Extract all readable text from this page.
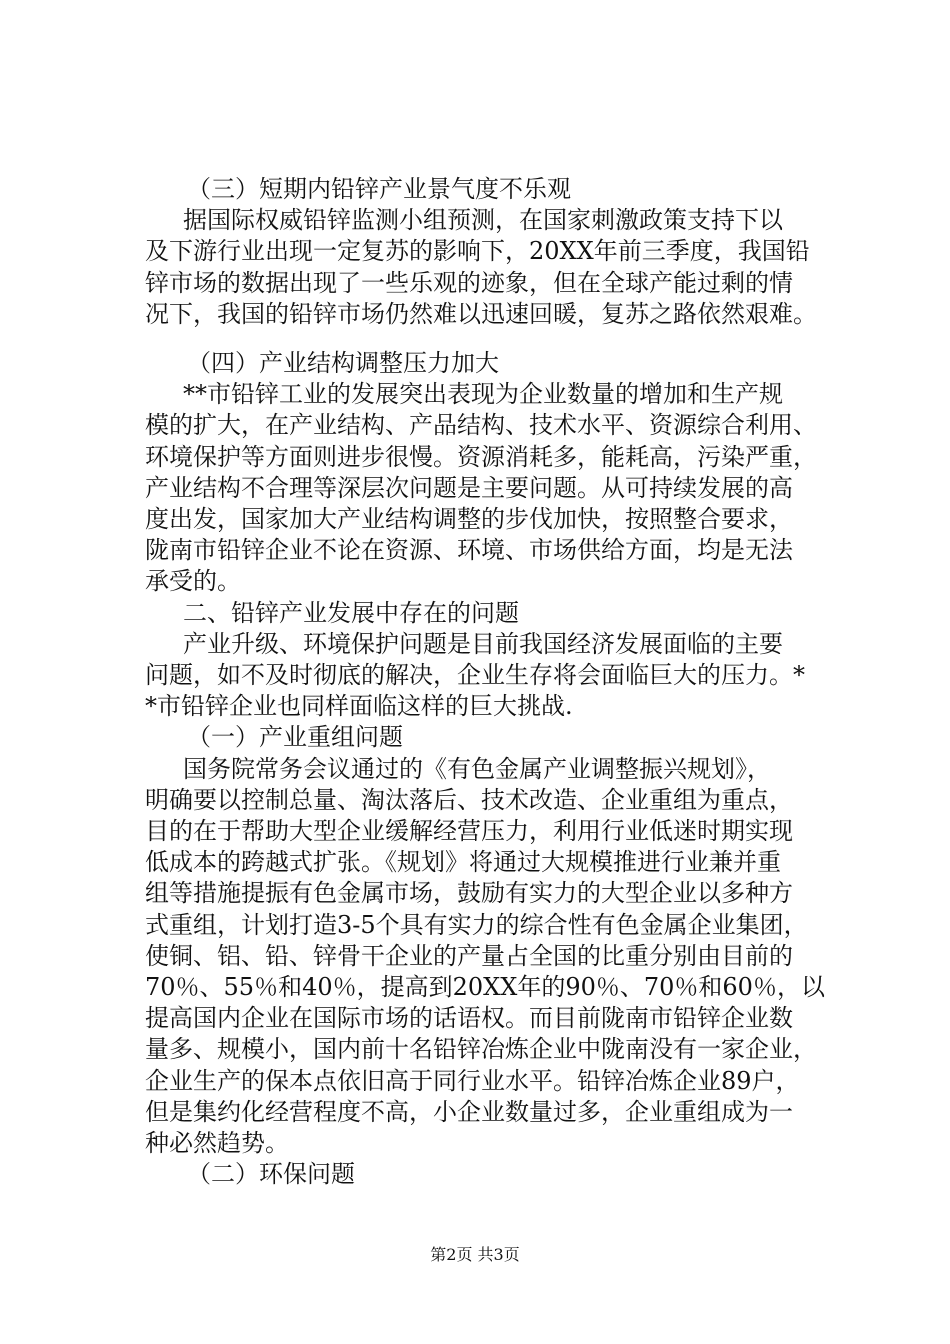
（三）短期内铅锌产业景气度不乐观
据国际权威铅锌监测小组预测，在国家刺激政策支持下以
及下游行业出现一定复苏的影响下，20XX年前三季度，我国铅
锌市场的数据出现了一些乐观的迹象，但在全球产能过剩的情
况下，我国的铅锌市场仍然难以迅速回暖，复苏之路依然艰难。
（四）产业结构调整压力加大
**市铅锌工业的发展突出表现为企业数量的增加和生产规
模的扩大，在产业结构、产品结构、技术水平、资源综合利用、
环境保护等方面则进步很慢。资源消耗多，能耗高，污染严重，
产业结构不合理等深层次问题是主要问题。从可持续发展的高
度出发，国家加大产业结构调整的步伐加快，按照整合要求，
陇南市铅锌企业不论在资源、环境、市场供给方面，均是无法
承受的。
二、铅锌产业发展中存在的问题
产业升级、环境保护问题是目前我国经济发展面临的主要
问题，如不及时彻底的解决，企业生存将会面临巨大的压力。*
*市铅锌企业也同样面临这样的巨大挑战.
（一）产业重组问题
国务院常务会议通过的《有色金属产业调整振兴规划》，
明确要以控制总量、淘汰落后、技术改造、企业重组为重点，
目的在于帮助大型企业缓解经营压力，利用行业低迷时期实现
低成本的跨越式扩张。《规划》将通过大规模推进行业兼并重
组等措施提振有色金属市场，鼓励有实力的大型企业以多种方
式重组，计划打造3-5个具有实力的综合性有色金属企业集团，
使铜、铝、铅、锌骨干企业的产量占全国的比重分别由目前的
70％、55％和40％，提高到20XX年的90％、70％和60％，以
提高国内企业在国际市场的话语权。而目前陇南市铅锌企业数
量多、规模小，国内前十名铅锌冶炼企业中陇南没有一家企业，
企业生产的保本点依旧高于同行业水平。铅锌冶炼企业89户，
但是集约化经营程度不高，小企业数量过多，企业重组成为一
种必然趋势。
第2页 共3页
（二）环保问题
